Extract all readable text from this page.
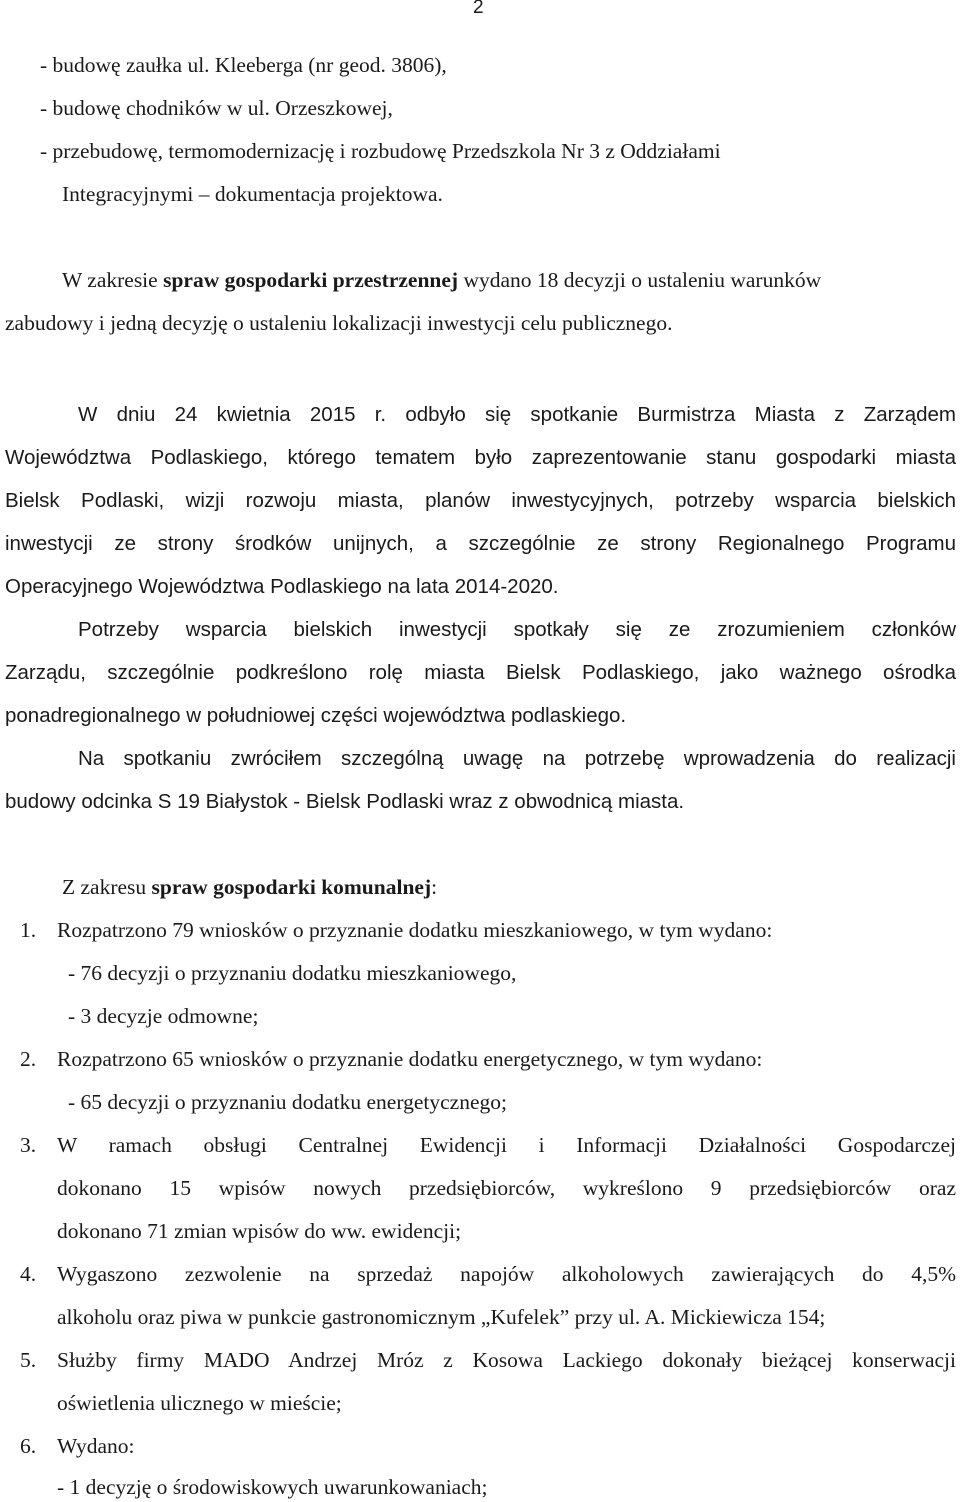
2
- budowę zaułka ul. Kleeberga (nr geod. 3806),
- budowę chodników w ul. Orzeszkowej,
- przebudowę, termomodernizację i rozbudowę Przedszkola Nr 3 z Oddziałami
Integracyjnymi – dokumentacja projektowa.
W zakresie spraw gospodarki przestrzennej wydano 18 decyzji o ustaleniu warunków
zabudowy i jedną decyzję o ustaleniu lokalizacji inwestycji celu publicznego.
W dniu 24 kwietnia 2015 r. odbyło się spotkanie Burmistrza Miasta z Zarządem
Województwa Podlaskiego, którego tematem było zaprezentowanie stanu gospodarki miasta
Bielsk Podlaski, wizji rozwoju miasta, planów inwestycyjnych, potrzeby wsparcia bielskich
inwestycji ze strony środków unijnych, a szczególnie ze strony Regionalnego Programu
Operacyjnego Województwa Podlaskiego na lata 2014-2020.
Potrzeby wsparcia bielskich inwestycji spotkały się ze zrozumieniem członków
Zarządu, szczególnie podkreślono rolę miasta Bielsk Podlaskiego, jako ważnego ośrodka
ponadregionalnego w południowej części województwa podlaskiego.
Na spotkaniu zwróciłem szczególną uwagę na potrzebę wprowadzenia do realizacji
budowy odcinka S 19 Białystok - Bielsk Podlaski wraz z obwodnicą miasta.
Z zakresu spraw gospodarki komunalnej:
1. Rozpatrzono 79 wniosków o przyznanie dodatku mieszkaniowego, w tym wydano:
- 76 decyzji o przyznaniu dodatku mieszkaniowego,
- 3 decyzje odmowne;
2. Rozpatrzono 65 wniosków o przyznanie dodatku energetycznego, w tym wydano:
- 65 decyzji o przyznaniu dodatku energetycznego;
3. W ramach obsługi Centralnej Ewidencji i Informacji Działalności Gospodarczej
dokonano 15 wpisów nowych przedsiębiorców, wykreślono 9 przedsiębiorców oraz
dokonano 71 zmian wpisów do ww. ewidencji;
4. Wygaszono zezwolenie na sprzedaż napojów alkoholowych zawierających do 4,5%
alkoholu oraz piwa w punkcie gastronomicznym „Kufelek” przy ul. A. Mickiewicza 154;
5. Służby firmy MADO Andrzej Mróz z Kosowa Lackiego dokonały bieżącej konserwacji
oświetlenia ulicznego w mieście;
6. Wydano:
- 1 decyzję o środowiskowych uwarunkowaniach;
